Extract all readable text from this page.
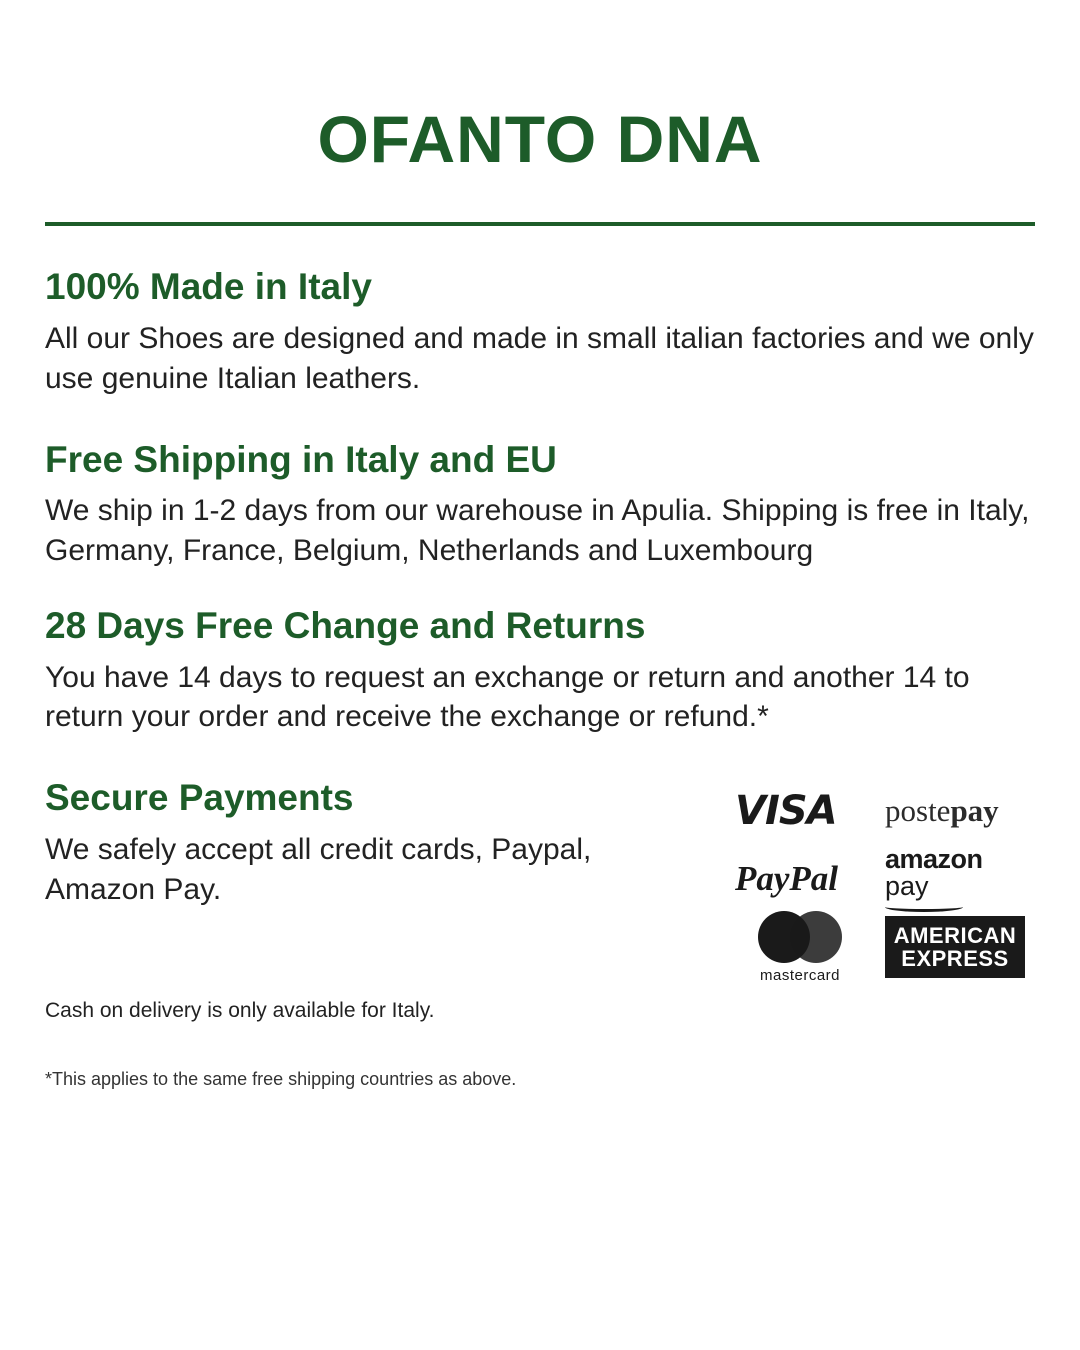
OFANTO DNA
100% Made in Italy

All our Shoes are designed and made in small italian factories and we only use genuine Italian leathers.

Free Shipping in Italy and EU

We ship in 1-2 days from our warehouse in Apulia. Shipping is free in Italy, Germany, France, Belgium, Netherlands and Luxembourg

28 Days Free Change and Returns

You have 14 days to request an exchange or return and another 14 to return your order and receive the exchange or refund.*

Secure Payments

We safely accept all credit cards, Paypal, Amazon Pay.

VISA	postepay
PayPal	amazon pay
mastercard
AMERICAN
EXPRESS

Cash on delivery is only available for Italy.

*This applies to the same free shipping countries as above.
